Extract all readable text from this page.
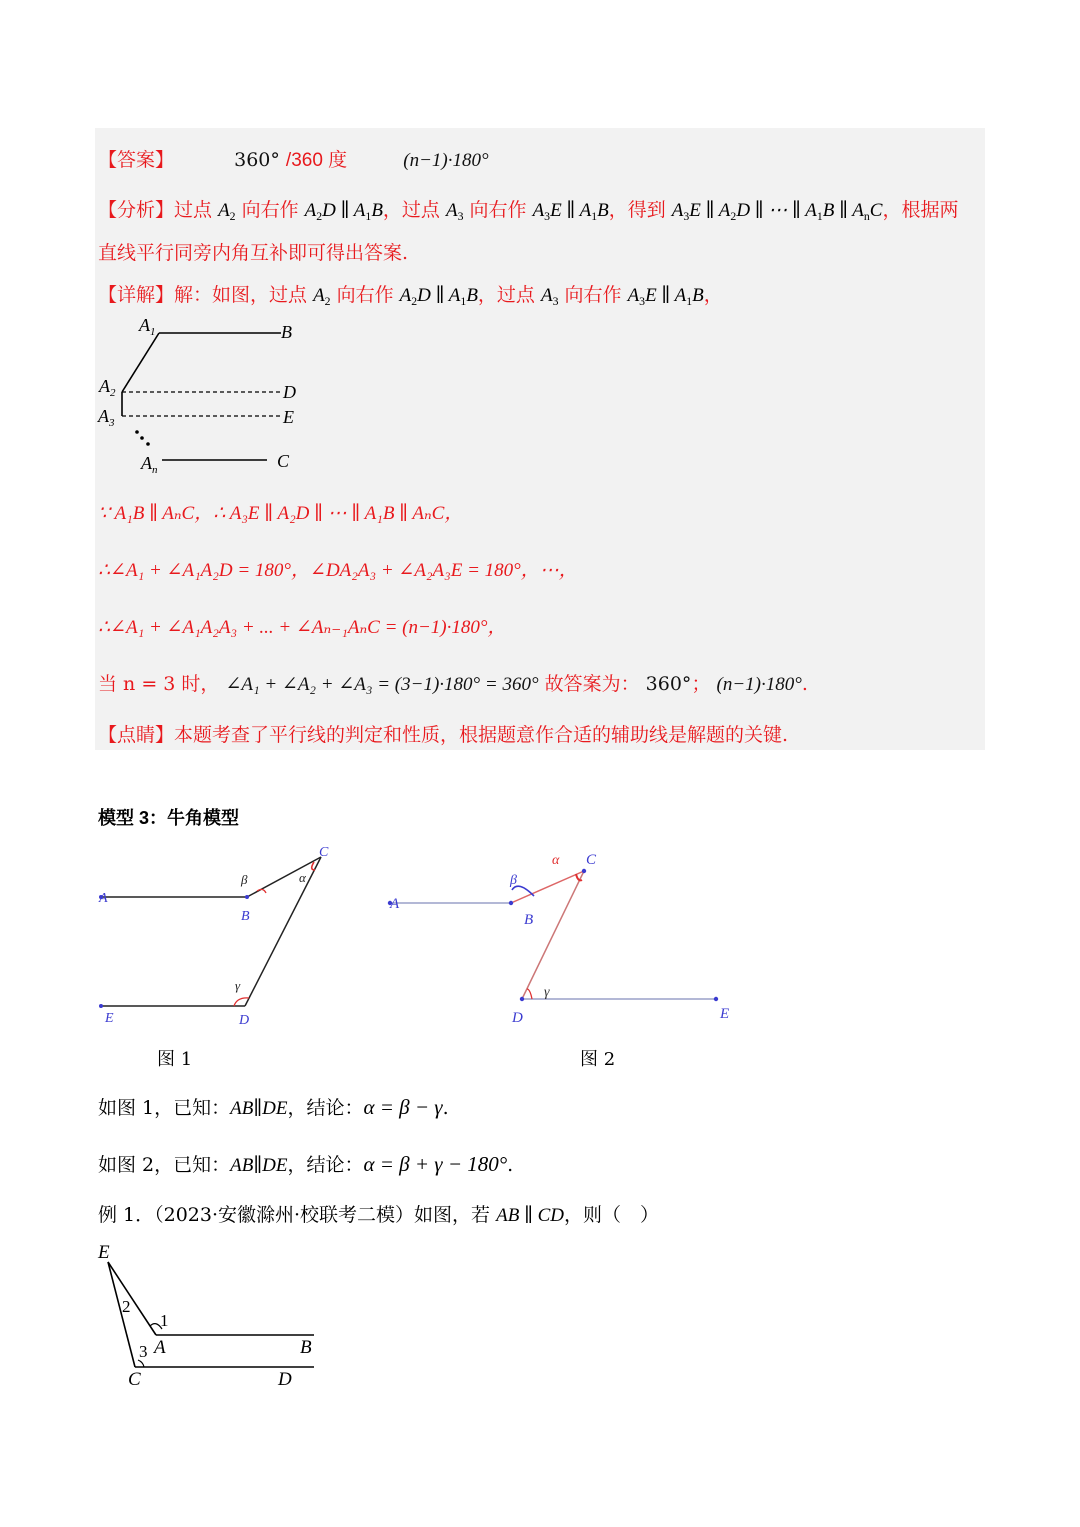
【答案】	360° /360 度	(n−1)·180°
【分析】过点 $A_2$ 向右作 $A_2D$ ∥ $A_1B$，过点 $A_3$ 向右作 $A_3E$ ∥ $A_1B$，得到 $A_3E$ ∥ $A_2D$ ∥ ⋯ ∥ $A_1B$ ∥ $A_nC$，根据两
直线平行同旁内角互补即可得出答案.
【详解】解：如图，过点 $A_2$ 向右作 $A_2D$ ∥ $A_1B$，过点 $A_3$ 向右作 $A_3E$ ∥ $A_1B$，
$A_1$	B
$A_2$	D
$A_3$	E
$A_n$	C
∵ A₁B ∥ AₙC，∴ A₃E ∥ A₂D ∥ ⋯ ∥ A₁B ∥ AₙC，
∴∠A₁ + ∠A₁A₂D = 180°，∠DA₂A₃ + ∠A₂A₃E = 180°，⋯，
∴∠A₁ + ∠A₁A₂A₃ + ... + ∠Aₙ₋₁AₙC = (n−1)·180°，
当 n = 3 时， ∠A₁ + ∠A₂ + ∠A₃ = (3−1)·180° = 360° 故答案为： 360°； (n−1)·180°.
【点睛】本题考查了平行线的判定和性质，根据题意作合适的辅助线是解题的关键.
模型 3：牛角模型
A
B
C
D
E
α
β
γ
A
B
C
D	E
α
β
γ
图 1	图 2
如图 1，已知：AB∥DE，结论：α = β − γ.
如图 2，已知：AB∥DE，结论：α = β + γ − 180°.
例 1．（2023·安徽滁州·校联考二模）如图，若 AB ∥ CD，则（　）
E
A	B
C	D
1
2
3
